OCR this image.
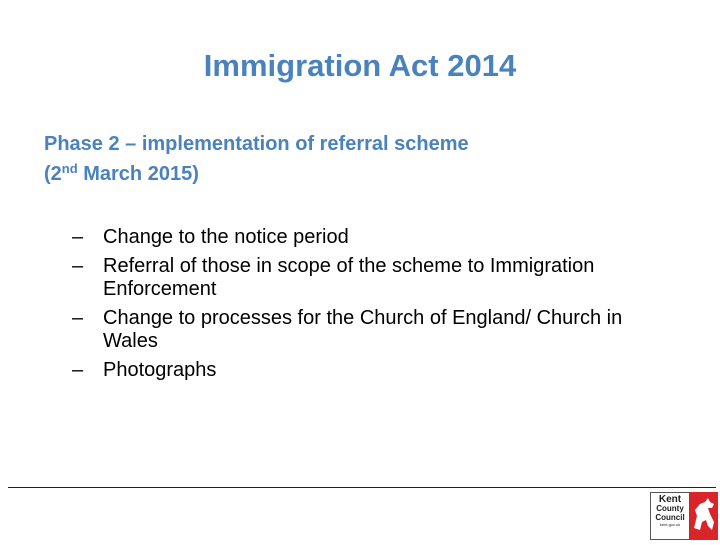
Immigration Act 2014
Phase 2 – implementation of referral scheme
(2nd March 2015)
– Change to the notice period
– Referral of those in scope of the scheme to Immigration Enforcement
– Change to processes for the Church of England/ Church in Wales
– Photographs
Kent
County
Council
kent.gov.uk
